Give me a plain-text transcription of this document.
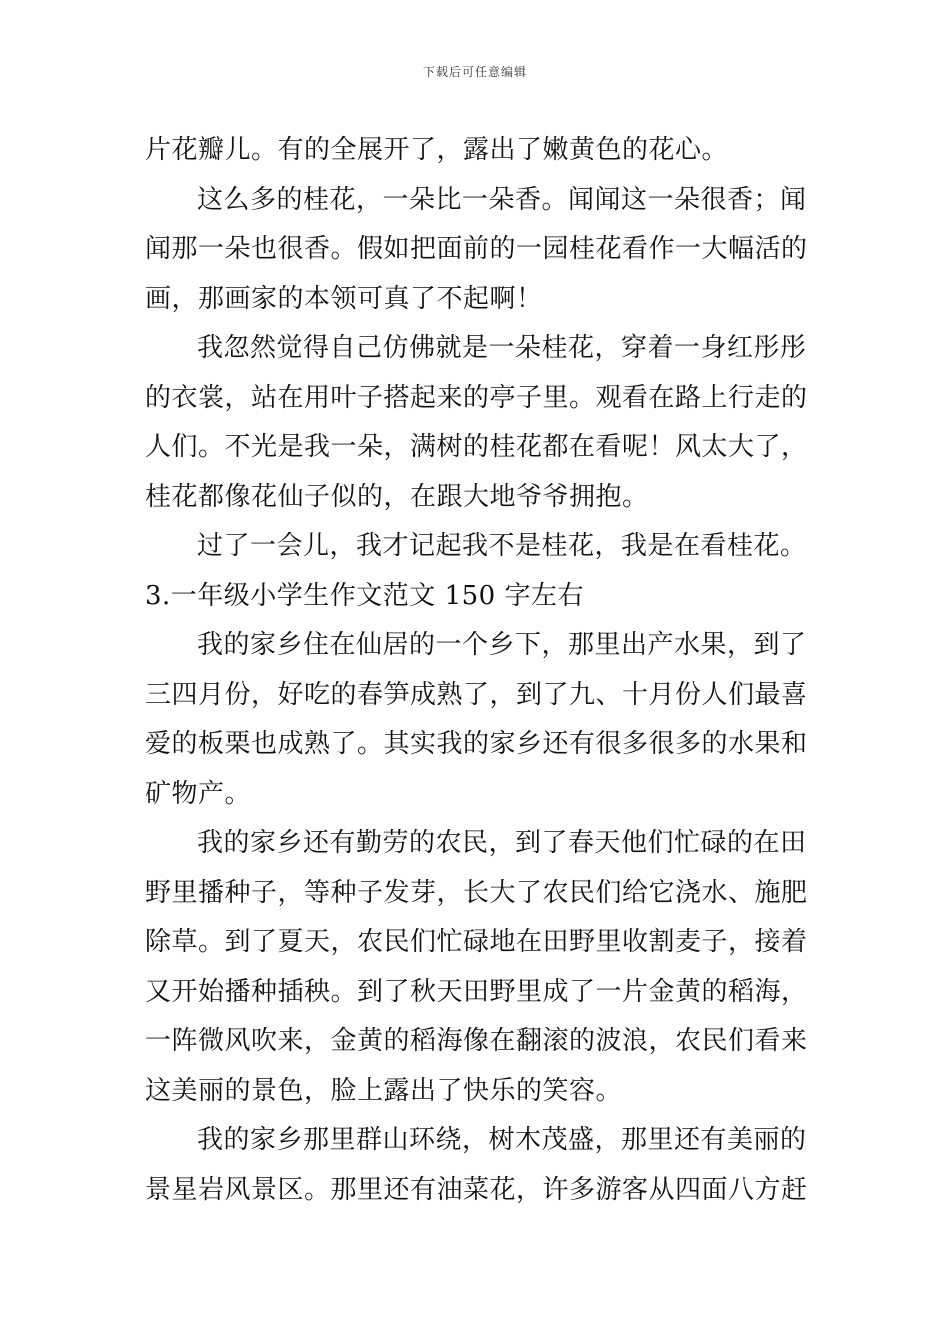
下载后可任意编辑
片花瓣儿。有的全展开了，露出了嫩黄色的花心。
这么多的桂花，一朵比一朵香。闻闻这一朵很香；闻
闻那一朵也很香。假如把面前的一园桂花看作一大幅活的
画，那画家的本领可真了不起啊！
我忽然觉得自己仿佛就是一朵桂花，穿着一身红彤彤
的衣裳，站在用叶子搭起来的亭子里。观看在路上行走的
人们。不光是我一朵，满树的桂花都在看呢！风太大了，
桂花都像花仙子似的，在跟大地爷爷拥抱。
过了一会儿，我才记起我不是桂花，我是在看桂花。
3.一年级小学生作文范文 150 字左右
我的家乡住在仙居的一个乡下，那里出产水果，到了
三四月份，好吃的春笋成熟了，到了九、十月份人们最喜
爱的板栗也成熟了。其实我的家乡还有很多很多的水果和
矿物产。
我的家乡还有勤劳的农民，到了春天他们忙碌的在田
野里播种子，等种子发芽，长大了农民们给它浇水、施肥
除草。到了夏天，农民们忙碌地在田野里收割麦子，接着
又开始播种插秧。到了秋天田野里成了一片金黄的稻海，
一阵微风吹来，金黄的稻海像在翻滚的波浪，农民们看来
这美丽的景色，脸上露出了快乐的笑容。
我的家乡那里群山环绕，树木茂盛，那里还有美丽的
景星岩风景区。那里还有油菜花，许多游客从四面八方赶
